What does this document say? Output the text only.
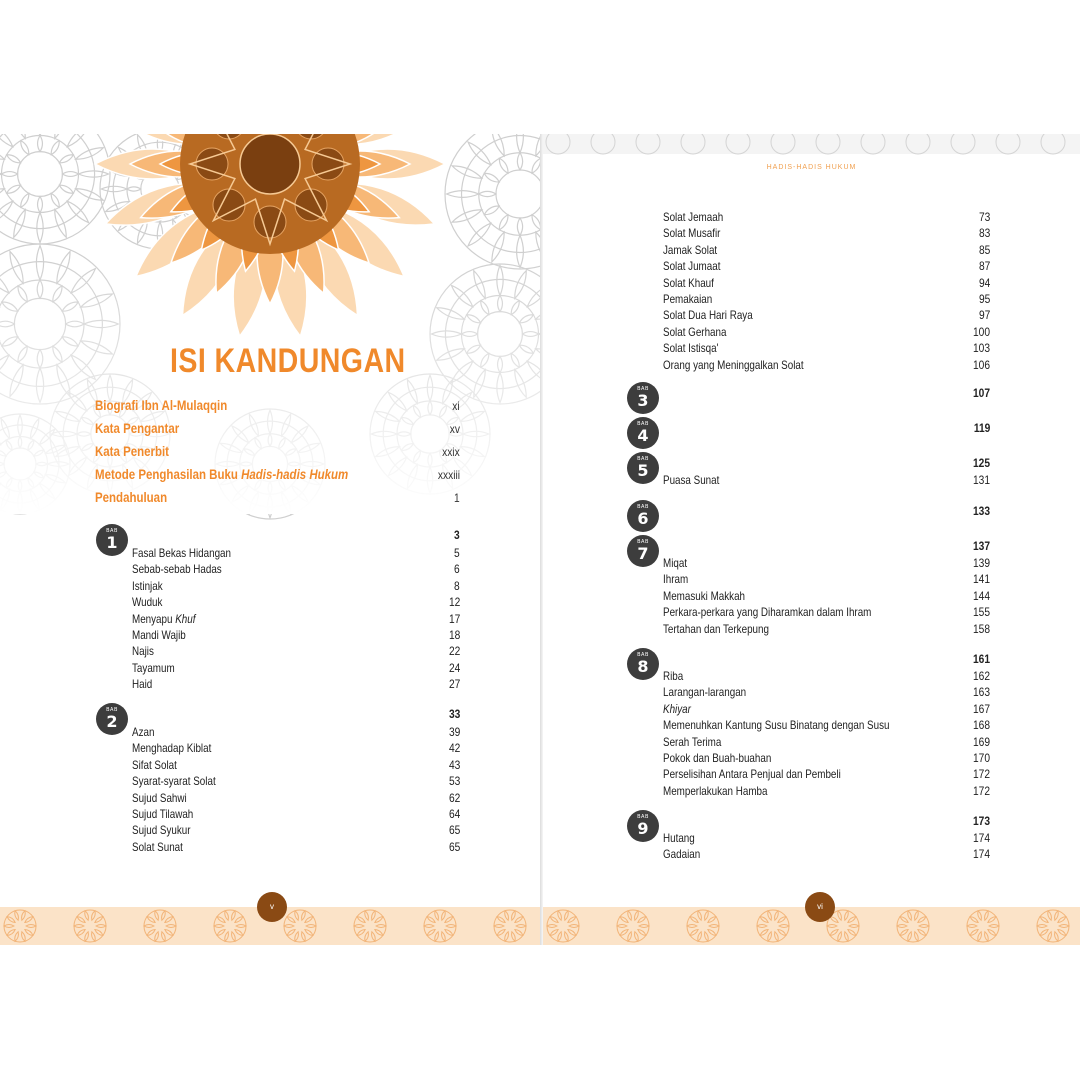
v
ISI KANDUNGAN
Biografi Ibn Al-Mulaqqin	xi
Kata Pengantar	xv
Kata Penerbit	xxix
Metode Penghasilan Buku Hadis-hadis Hukum	xxxiii
Pendahuluan	1
BAB
1	3
Fasal Bekas Hidangan	5
Sebab-sebab Hadas	6
Istinjak	8
Wuduk	12
Menyapu Khuf	17
Mandi Wajib	18
Najis	22
Tayamum	24
Haid	27
BAB
2	33
Azan	39
Menghadap Kiblat	42
Sifat Solat	43
Syarat-syarat Solat	53
Sujud Sahwi	62
Sujud Tilawah	64
Sujud Syukur	65
Solat Sunat	65
HADIS-HADIS HUKUM
vi
Solat Jemaah	73
Solat Musafir	83
Jamak Solat	85
Solat Jumaat	87
Solat Khauf	94
Pemakaian	95
Solat Dua Hari Raya	97
Solat Gerhana	100
Solat Istisqa'	103
Orang yang Meninggalkan Solat	106
BAB
3	107
BAB
4	119
BAB
5	125
Puasa Sunat	131
BAB
6	133
BAB
7	137
Miqat	139
Ihram	141
Memasuki Makkah	144
Perkara-perkara yang Diharamkan dalam Ihram	155
Tertahan dan Terkepung	158
BAB
8	161
Riba	162
Larangan-larangan	163
Khiyar	167
Memenuhkan Kantung Susu Binatang dengan Susu	168
Serah Terima	169
Pokok dan Buah-buahan	170
Perselisihan Antara Penjual dan Pembeli	172
Memperlakukan Hamba	172
BAB
9	173
Hutang	174
Gadaian	174
